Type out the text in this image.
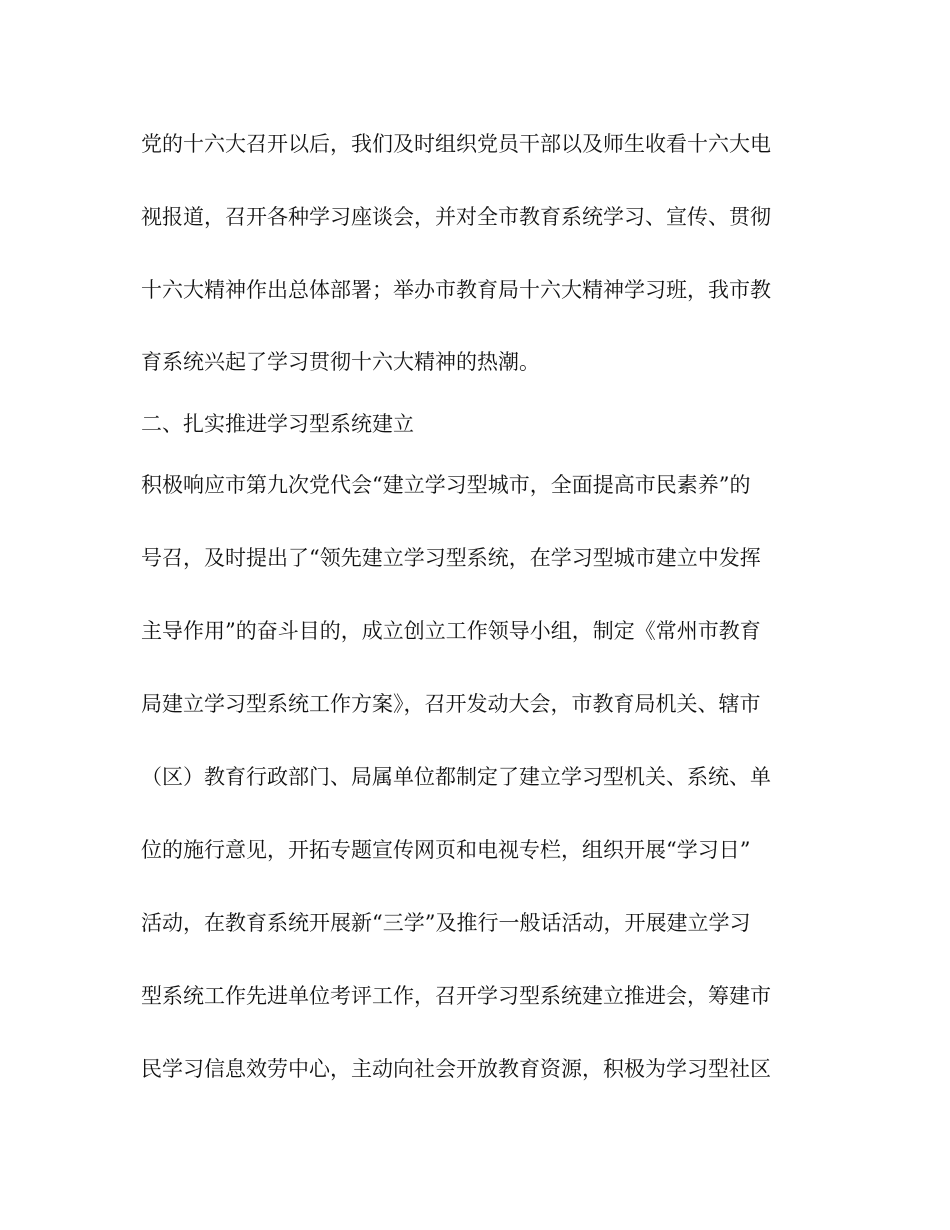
党的十六大召开以后，我们及时组织党员干部以及师生收看十六大电
视报道，召开各种学习座谈会，并对全市教育系统学习、宣传、贯彻
十六大精神作出总体部署；举办市教育局十六大精神学习班，我市教
育系统兴起了学习贯彻十六大精神的热潮。
二、扎实推进学习型系统建立
积极响应市第九次党代会“建立学习型城市，全面提高市民素养”的
号召，及时提出了“领先建立学习型系统，在学习型城市建立中发挥
主导作用”的奋斗目的，成立创立工作领导小组，制定《常州市教育
局建立学习型系统工作方案》，召开发动大会，市教育局机关、辖市
（区）教育行政部门、局属单位都制定了建立学习型机关、系统、单
位的施行意见，开拓专题宣传网页和电视专栏，组织开展“学习日”
活动，在教育系统开展新“三学”及推行一般话活动，开展建立学习
型系统工作先进单位考评工作，召开学习型系统建立推进会，筹建市
民学习信息效劳中心，主动向社会开放教育资源，积极为学习型社区
